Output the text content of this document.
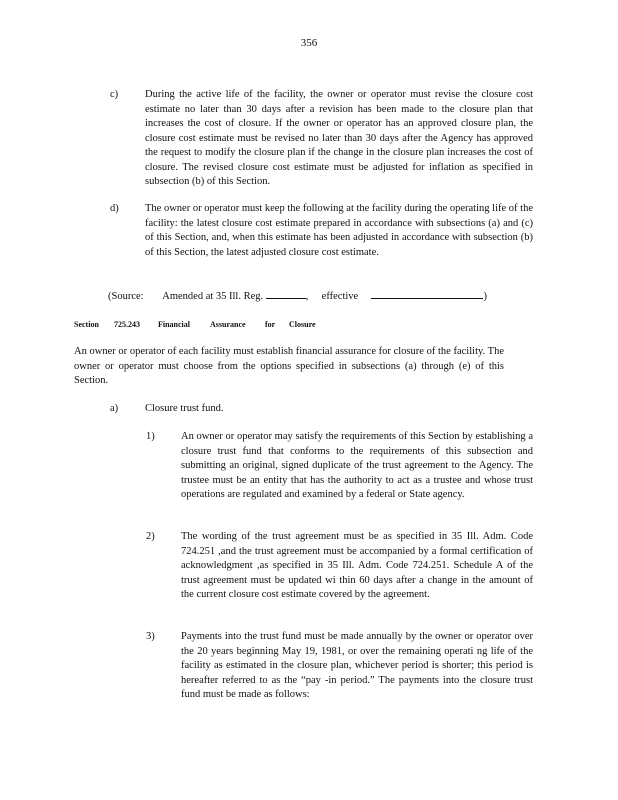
356
c)	During the active life of the facility, the owner or operator must revise the closure cost estimate no later than 30 days after a revision has been made to the closure plan that increases the cost of closure. If the owner or operator has an approved closure plan, the closure cost estimate must be revised no later than 30 days after the Agency has approved the request to modify the closure plan if the change in the closure plan increases the cost of closure. The revised closure cost estimate must be adjusted for inflation as specified in subsection (b) of this Section.
d)	The owner or operator must keep the following at the facility during the operating life of the facility: the latest closure cost estimate prepared in accordance with subsections (a) and (c) of this Section, and, when this estimate has been adjusted in accordance with subsection (b) of this Section, the latest adjusted closure cost estimate.
(Source: Amended at 35 Ill. Reg.	,  effective	)
Section 725.243 Financial Assurance for Closure
An owner or operator of each facility must establish financial assurance for closure of the facility. The owner or operator must choose from the options specified in subsections (a) through (e) of this Section.
a)	Closure trust fund.
1)	An owner or operator may satisfy the requirements of this Section by establishing a closure trust fund that conforms to the requirements of this subsection and submitting an original, signed duplicate of the trust agreement to the Agency. The trustee must be an entity that has the authority to act as a trustee and whose trust operations are regulated and examined by a federal or State agency.
2)	The wording of the trust agreement must be as specified in 35 Ill. Adm. Code 724.251 ,and the trust agreement must be accompanied by a formal certification of acknowledgment ,as specified in 35 Ill. Adm. Code 724.251. Schedule A of the trust agreement must be updated wi thin 60 days after a change in the amount of the current closure cost estimate covered by the agreement.
3)	Payments into the trust fund must be made annually by the owner or operator over the 20 years beginning May 19, 1981, or over the remaining operati ng life of the facility as estimated in the closure plan, whichever period is shorter; this period is hereafter referred to as the “pay -in period.” The payments into the closure trust fund must be made as follows:
